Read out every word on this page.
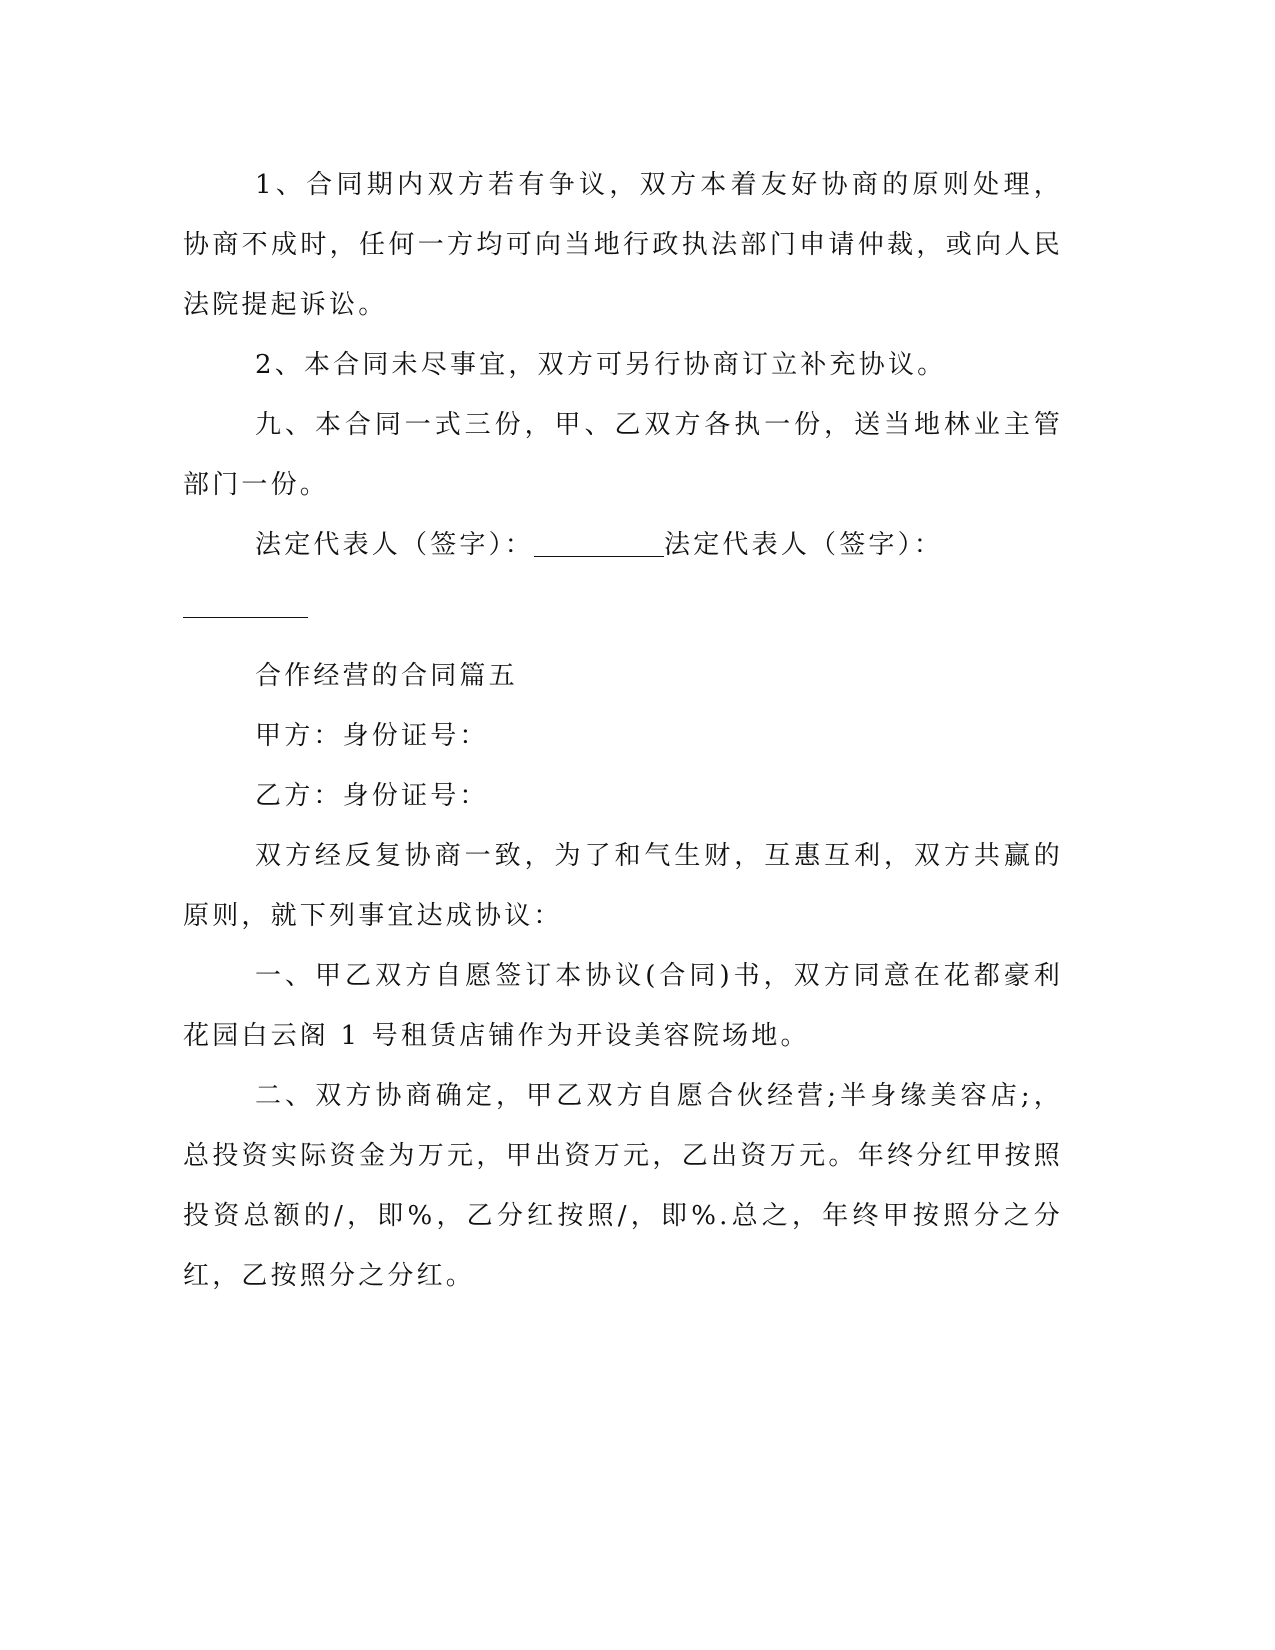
1、合同期内双方若有争议，双方本着友好协商的原则处理，协商不成时，任何一方均可向当地行政执法部门申请仲裁，或向人民法院提起诉讼。

2、本合同未尽事宜，双方可另行协商订立补充协议。

九、本合同一式三份，甲、乙双方各执一份，送当地林业主管部门一份。

法定代表人（签字）：	法定代表人（签字）：

合作经营的合同篇五

甲方：身份证号：

乙方：身份证号：

双方经反复协商一致，为了和气生财，互惠互利，双方共赢的原则，就下列事宜达成协议：

一、甲乙双方自愿签订本协议(合同)书，双方同意在花都豪利花园白云阁 1 号租赁店铺作为开设美容院场地。

二、双方协商确定，甲乙双方自愿合伙经营;半身缘美容店;，总投资实际资金为万元，甲出资万元，乙出资万元。年终分红甲按照投资总额的/，即%，乙分红按照/，即%.总之，年终甲按照分之分红，乙按照分之分红。
